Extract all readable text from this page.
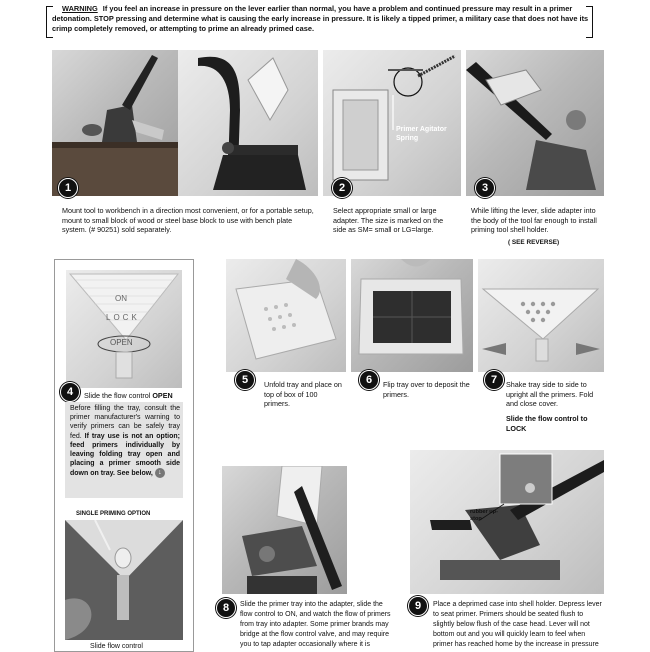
WARNING If you feel an increase in pressure on the lever earlier than normal, you have a problem and continued pressure may result in a primer detonation. STOP pressing and determine what is causing the early increase in pressure. It is likely a tipped primer, a military case that does not have its crimp completely removed, or attempting to prime an already primed case.
1
Mount tool to workbench in a direction most convenient, or for a portable setup, mount to small block of wood or steel base block to use with bench plate system. (# 90251) sold separately.
Primer Agitator Spring
2
Select appropriate small or large adapter. The size is marked on the side as SM= small or LG=large.
3
While lifting the lever, slide adapter into the body of the tool far enough to install priming tool shell holder.
( SEE REVERSE)
ON
LOCK
OPEN
4	Slide the flow control OPEN
Before filling the tray, consult the primer manufacturer's warning to verify primers can be safely tray fed. If tray use is not an option; feed primers individually by leaving folding tray open and placing a primer smooth side down on tray. See below, ↓
SINGLE PRIMING OPTION
Slide flow control
5	Unfold tray and place on top of box of 100 primers.
6	Flip tray over to deposit the primers.
7	Shake tray side to side to upright all the primers. Fold and close cover.
Slide the flow control to LOCK
8	Slide the primer tray into the adapter, slide the flow control to ON, and watch the flow of primers from tray into adapter. Some primer brands may bridge at the flow control valve, and may require you to tap adapter occasionally where it is
rubber up-stop
9	Place a deprimed case into shell holder. Depress lever to seat primer. Primers should be seated flush to slightly below flush of the case head. Lever will not bottom out and you will quickly learn to feel when primer has reached home by the increase in pressure
